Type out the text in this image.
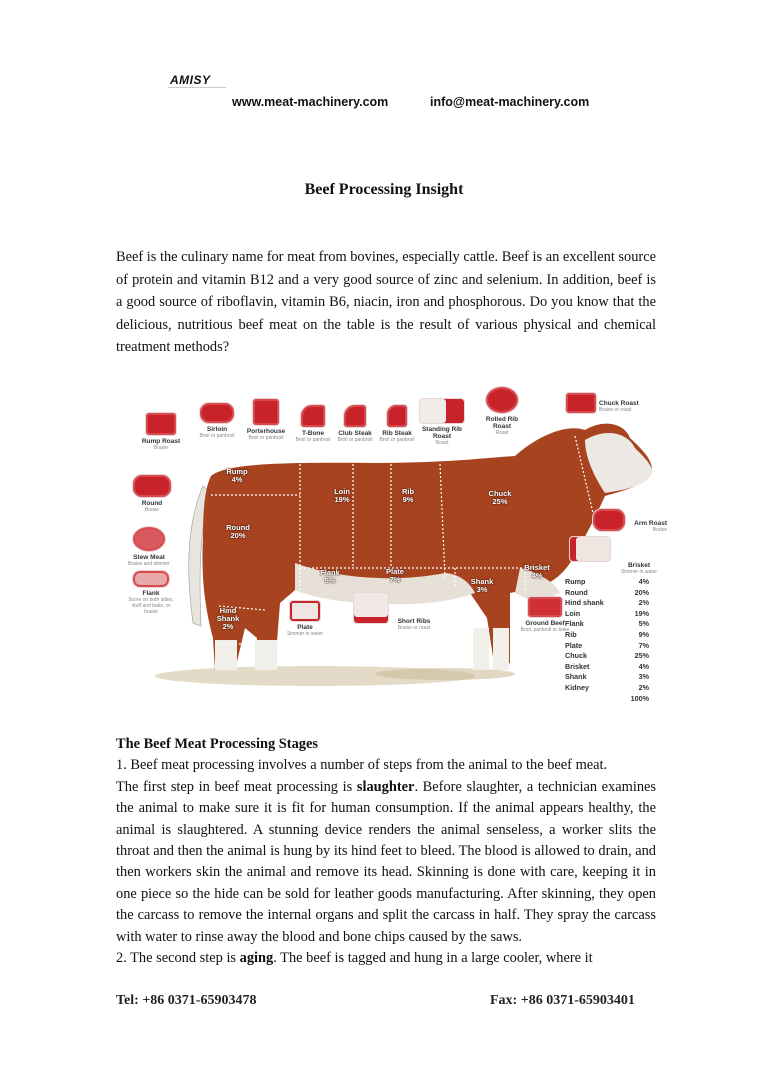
AMISY
www.meat-machinery.com	info@meat-machinery.com
Beef Processing Insight

Beef is the culinary name for meat from bovines, especially cattle. Beef is an excellent source of protein and vitamin B12 and a very good source of zinc and selenium. In addition, beef is a good source of riboflavin, vitamin B6, niacin, iron and phosphorous. Do you know that the delicious, nutritious beef meat on the table is the result of various physical and chemical treatment methods?

Rump Roast
Braise
Sirloin
Broil or panbroil
Porterhouse
Broil or panbroil
T-Bone
Broil or panbroil
Club Steak
Broil or panbroil
Rib Steak
Broil or panbroil
Standing Rib Roast
Roast
Rolled Rib Roast
Roast
Chuck Roast
Braise or roast
Round
Braise
Stew Meat
Braise and simmer
Flank
Score on both sides, stuff and bake, or braise
Arm Roast
Braise
Brisket
Simmer in water
Plate
Simmer in water
Short Ribs
Braise or roast
Ground Beef
Broil, panbroil or bake
Rump
4%
Loin
19%
Rib
9%
Chuck
25%
Round
20%
Flank
5%
Plate
7%	Shank
3%
Brisket
4%
Hind Shank
2%
Rump	4%
Round	20%
Hind shank	2%
Loin	19%
Flank	5%
Rib	9%
Plate	7%
Chuck	25%
Brisket	4%
Shank	3%
Kidney	2%
100%

The Beef Meat Processing Stages

1. Beef meat processing involves a number of steps from the animal to the beef meat.

The first step in beef meat processing is slaughter. Before slaughter, a technician examines the animal to make sure it is fit for human consumption. If the animal appears healthy, the animal is slaughtered. A stunning device renders the animal senseless, a worker slits the throat and then the animal is hung by its hind feet to bleed. The blood is allowed to drain, and then workers skin the animal and remove its head. Skinning is done with care, keeping it in one piece so the hide can be sold for leather goods manufacturing. After skinning, they open the carcass to remove the internal organs and split the carcass in half. They spray the carcass with water to rinse away the blood and bone chips caused by the saws.

2. The second step is aging. The beef is tagged and hung in a large cooler, where it

Tel: +86 0371-65903478	Fax: +86 0371-65903401
